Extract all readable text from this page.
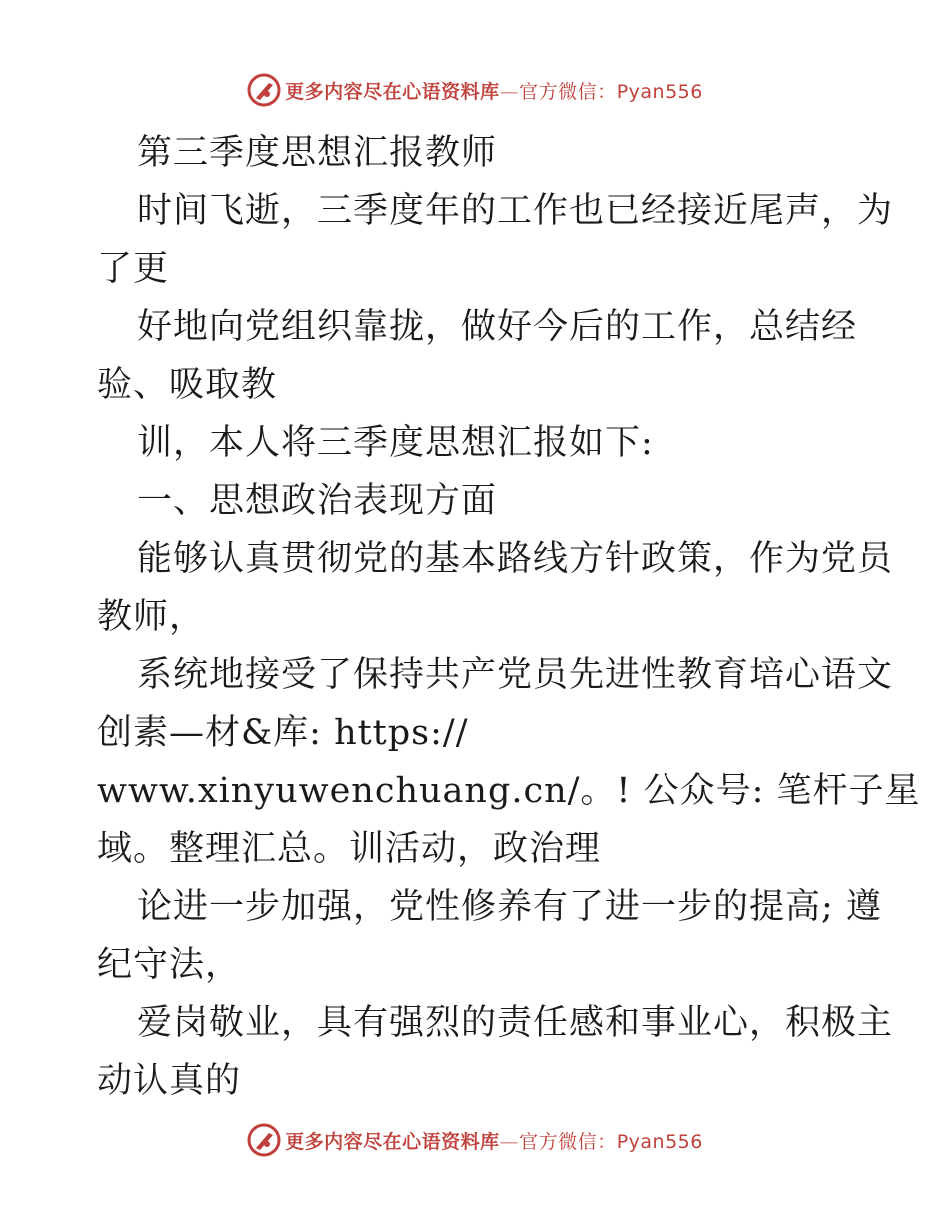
更多内容尽在心语资料库—官方微信：Pyan556

第三季度思想汇报教师

时间飞逝，三季度年的工作也已经接近尾声，为

了更

好地向党组织靠拢，做好今后的工作，总结经

验、吸取教

训，本人将三季度思想汇报如下:

一、思想政治表现方面

能够认真贯彻党的基本路线方针政策，作为党员

教师，

系统地接受了保持共产党员先进性教育培心语文

创素—材&库: https://

www.xinyuwenchuang.cn/。! 公众号: 笔杆子星

域。整理汇总。训活动，政治理

论进一步加强，党性修养有了进一步的提高; 遵

纪守法，

爱岗敬业，具有强烈的责任感和事业心，积极主

动认真的

更多内容尽在心语资料库—官方微信：Pyan556
